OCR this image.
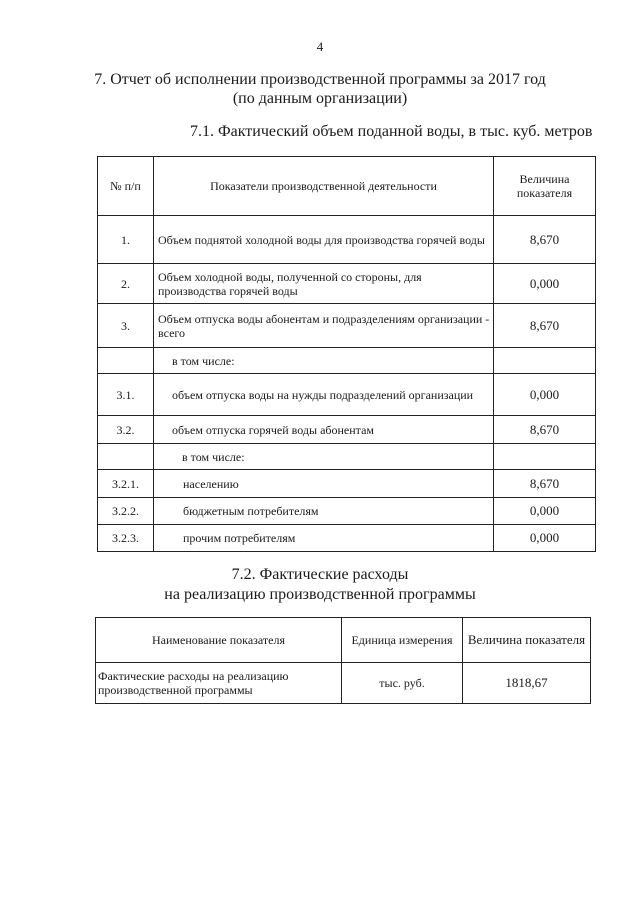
4
7. Отчет об исполнении производственной программы за 2017 год
(по данным организации)
7.1. Фактический объем поданной воды, в тыс. куб. метров
№ п/п	Показатели производственной деятельности	Величина показателя
1.	Объем поднятой холодной воды для производства горячей воды	8,670
2.	Объем холодной воды, полученной со стороны, для производства горячей воды	0,000
3.	Объем отпуска воды абонентам и подразделениям организации - всего	8,670
	в том числе:	
3.1.	объем отпуска воды на нужды подразделений организации	0,000
3.2.	объем отпуска горячей воды абонентам	8,670
	в том числе:	
3.2.1.	населению	8,670
3.2.2.	бюджетным потребителям	0,000
3.2.3.	прочим потребителям	0,000
7.2. Фактические расходы
на реализацию производственной программы
Наименование показателя	Единица измерения	Величина показателя
Фактические расходы на реализацию производственной программы	тыс. руб.	1818,67
